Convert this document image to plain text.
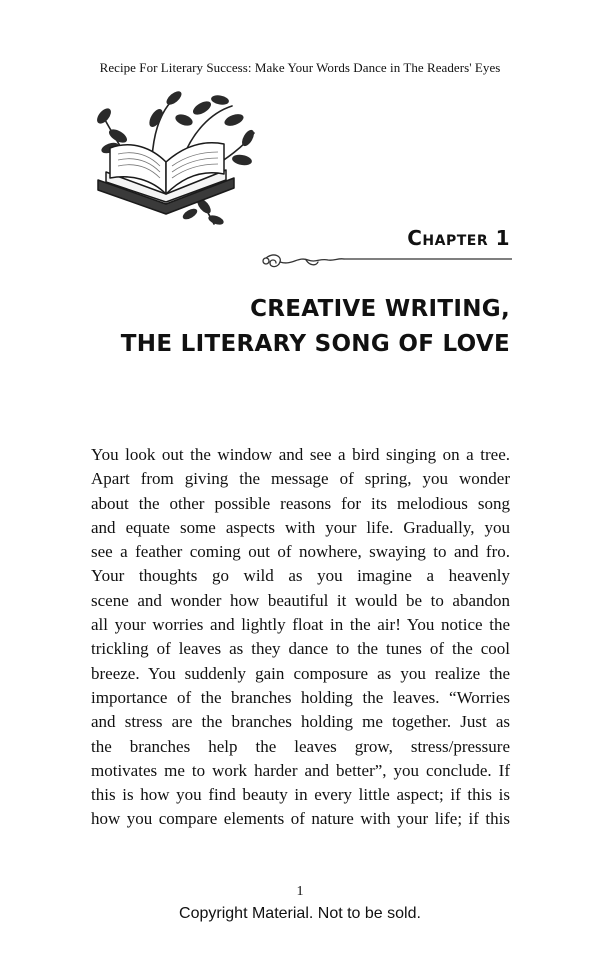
Recipe For Literary Success: Make Your Words Dance in The Readers' Eyes
Chapter 1
CREATIVE WRITING,
THE LITERARY SONG OF LOVE
You look out the window and see a bird singing on a tree.
Apart from giving the message of spring, you wonder
about the other possible reasons for its melodious song
and equate some aspects with your life. Gradually, you
see a feather coming out of nowhere, swaying to and fro.
Your thoughts go wild as you imagine a heavenly
scene and wonder how beautiful it would be to abandon
all your worries and lightly float in the air! You notice the
trickling of leaves as they dance to the tunes of the cool
breeze. You suddenly gain composure as you realize the
importance of the branches holding the leaves. “Worries
and stress are the branches holding me together. Just as
the branches help the leaves grow, stress/pressure
motivates me to work harder and better”, you conclude. If
this is how you find beauty in every little aspect; if this is
how you compare elements of nature with your life; if this
1
Copyright Material. Not to be sold.
